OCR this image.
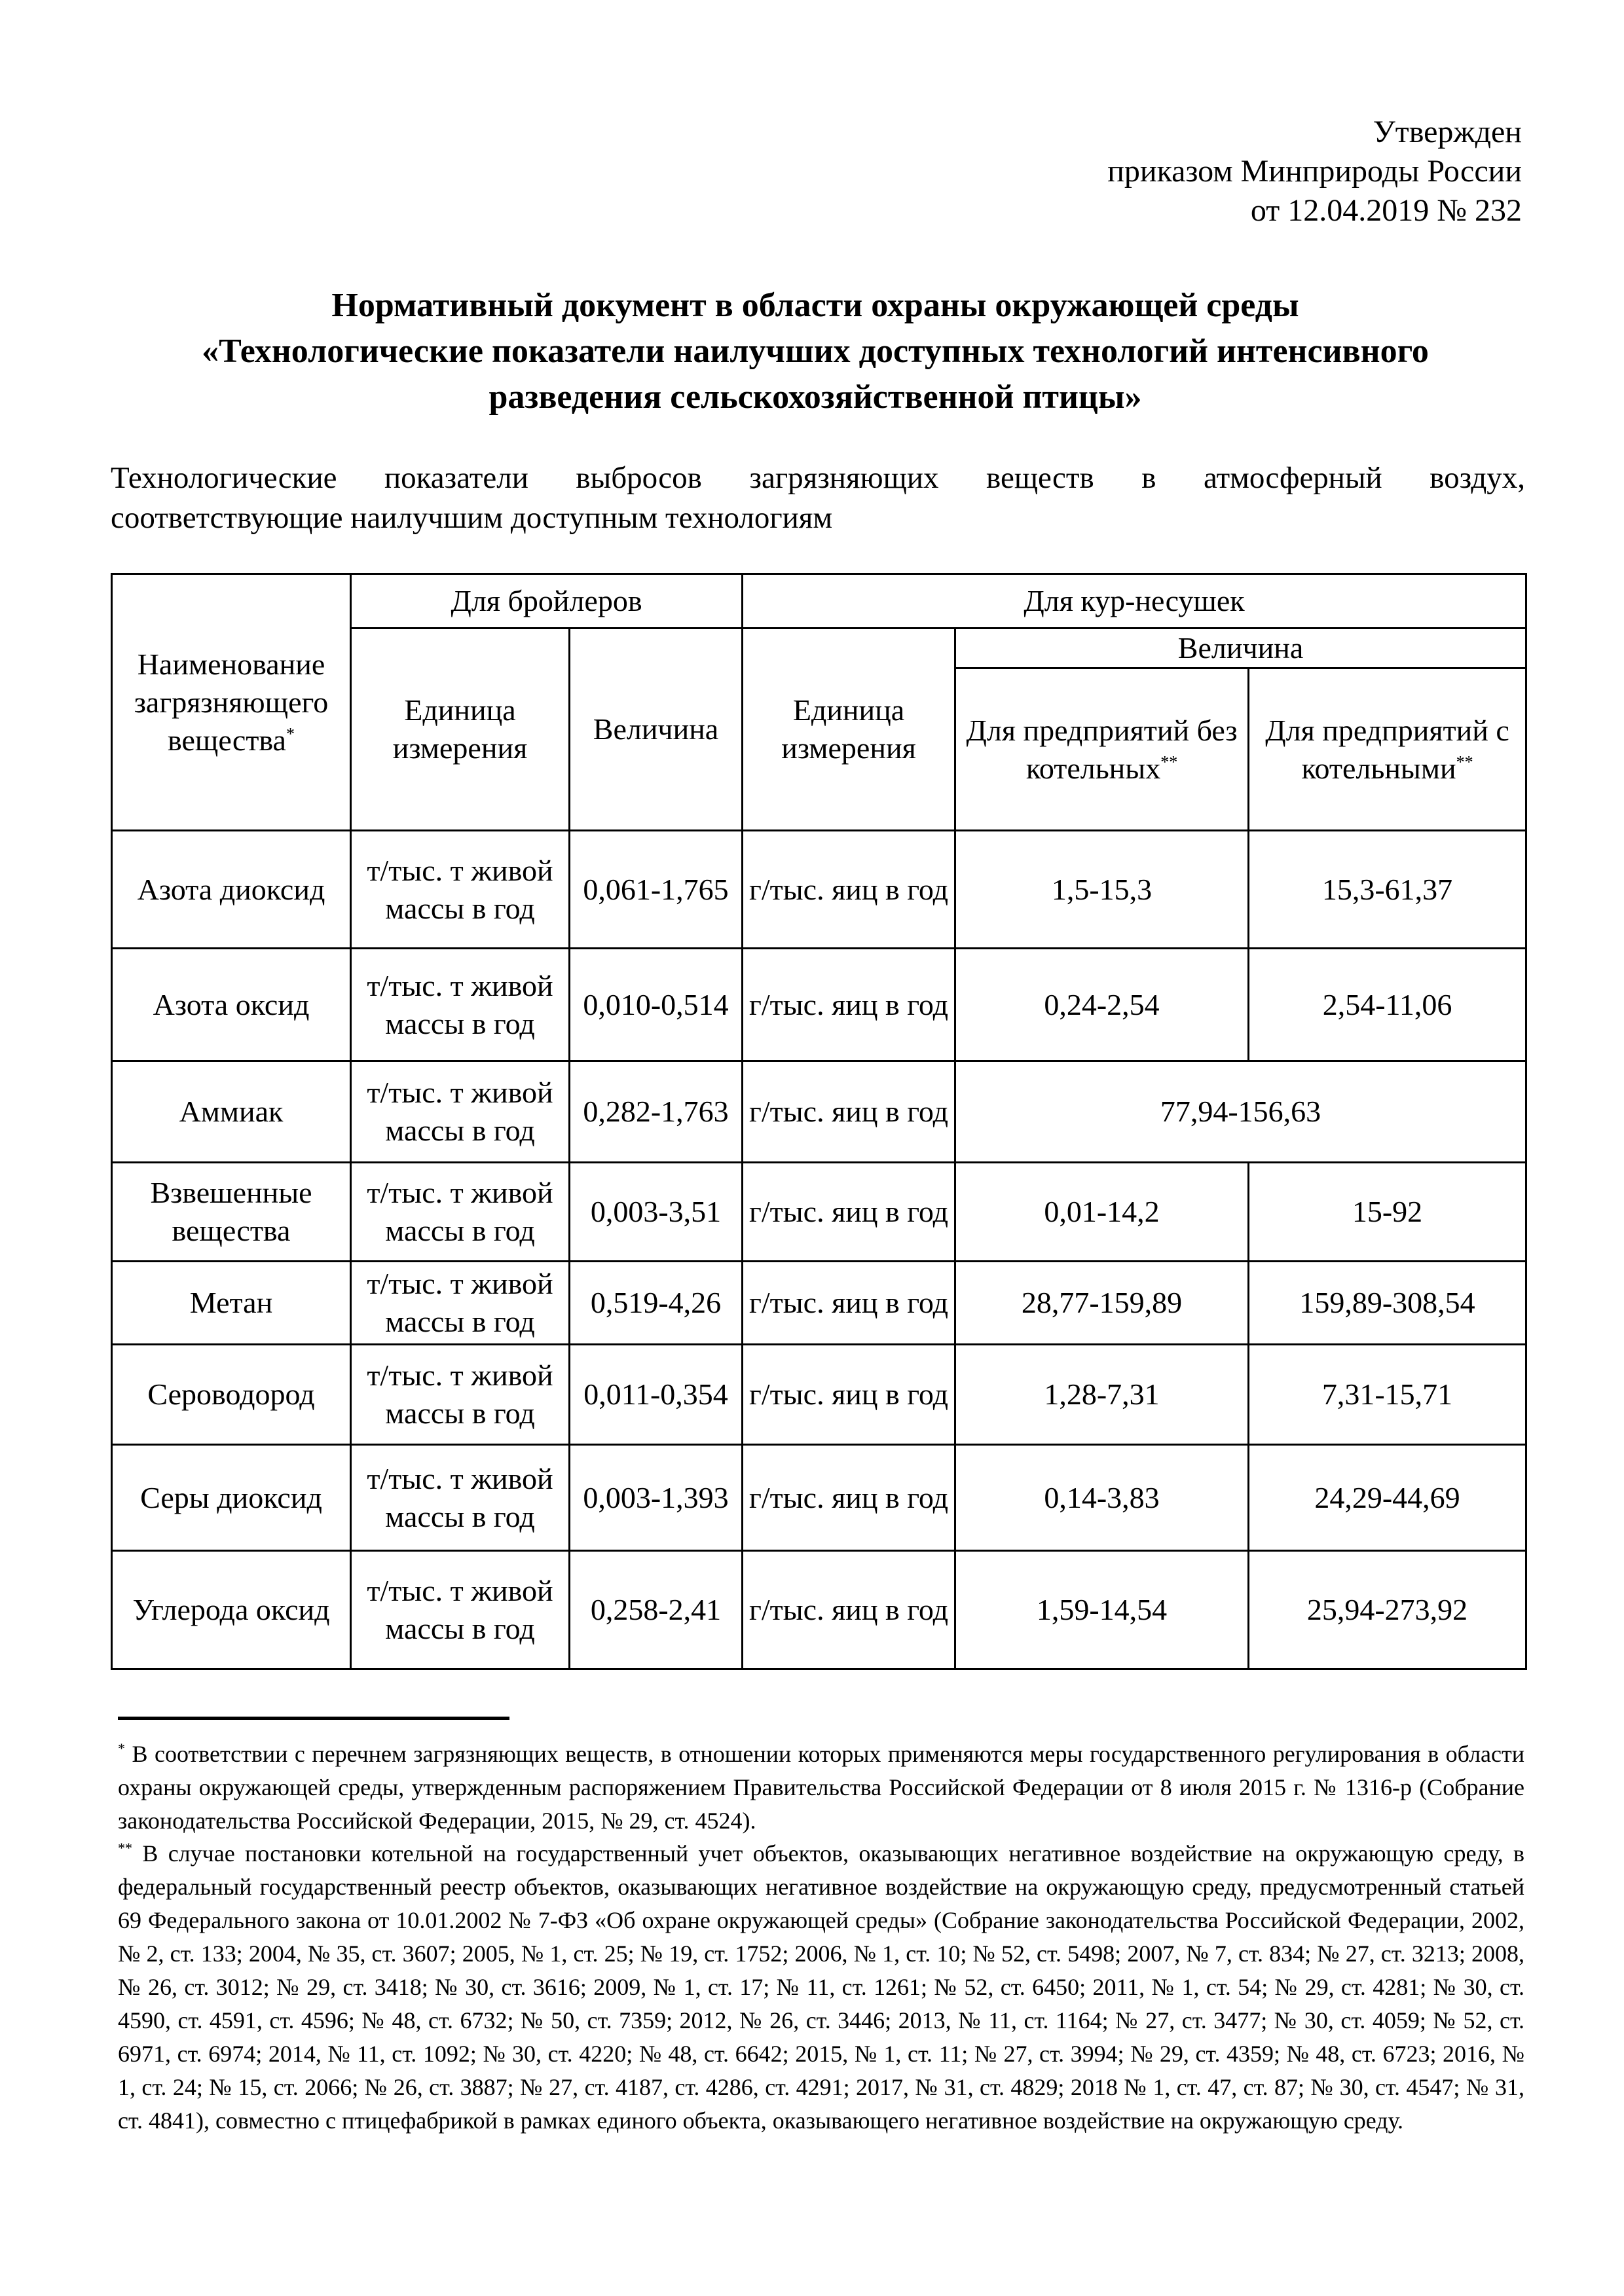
Утвержден
приказом Минприроды России
от 12.04.2019 № 232
Нормативный документ в области охраны окружающей среды
«Технологические показатели наилучших доступных технологий интенсивного
разведения сельскохозяйственной птицы»
Технологические показатели выбросов загрязняющих веществ в атмосферный воздух,
соответствующие наилучшим доступным технологиям
Наименование загрязняющего вещества*	Для бройлеров		Для кур-несушек		
	Единица измерения	Величина	Единица измерения	Величина	
				Для предприятий без котельных**	Для предприятий с котельными**
Азота диоксид	т/тыс. т живой массы в год	0,061-1,765	г/тыс. яиц в год	1,5-15,3	15,3-61,37
Азота оксид	т/тыс. т живой массы в год	0,010-0,514	г/тыс. яиц в год	0,24-2,54	2,54-11,06
Аммиак	т/тыс. т живой массы в год	0,282-1,763	г/тыс. яиц в год	77,94-156,63	
Взвешенные вещества	т/тыс. т живой массы в год	0,003-3,51	г/тыс. яиц в год	0,01-14,2	15-92
Метан	т/тыс. т живой массы в год	0,519-4,26	г/тыс. яиц в год	28,77-159,89	159,89-308,54
Сероводород	т/тыс. т живой массы в год	0,011-0,354	г/тыс. яиц в год	1,28-7,31	7,31-15,71
Серы диоксид	т/тыс. т живой массы в год	0,003-1,393	г/тыс. яиц в год	0,14-3,83	24,29-44,69
Углерода оксид	т/тыс. т живой массы в год	0,258-2,41	г/тыс. яиц в год	1,59-14,54	25,94-273,92
* В соответствии с перечнем загрязняющих веществ, в отношении которых применяются меры государственного регулирования в области охраны окружающей среды, утвержденным распоряжением Правительства Российской Федерации от 8 июля 2015 г. № 1316-р (Собрание законодательства Российской Федерации, 2015, № 29, ст. 4524).
** В случае постановки котельной на государственный учет объектов, оказывающих негативное воздействие на окружающую среду, в федеральный государственный реестр объектов, оказывающих негативное воздействие на окружающую среду, предусмотренный статьей 69 Федерального закона от 10.01.2002 № 7-ФЗ «Об охране окружающей среды» (Собрание законодательства Российской Федерации, 2002, № 2, ст. 133; 2004, № 35, ст. 3607; 2005, № 1, ст. 25; № 19, ст. 1752; 2006, № 1, ст. 10; № 52, ст. 5498; 2007, № 7, ст. 834; № 27, ст. 3213; 2008, № 26, ст. 3012; № 29, ст. 3418; № 30, ст. 3616; 2009, № 1, ст. 17; № 11, ст. 1261; № 52, ст. 6450; 2011, № 1, ст. 54; № 29, ст. 4281; № 30, ст. 4590, ст. 4591, ст. 4596; № 48, ст. 6732; № 50, ст. 7359; 2012, № 26, ст. 3446; 2013, № 11, ст. 1164; № 27, ст. 3477; № 30, ст. 4059; № 52, ст. 6971, ст. 6974; 2014, № 11, ст. 1092; № 30, ст. 4220; № 48, ст. 6642; 2015, № 1, ст. 11; № 27, ст. 3994; № 29, ст. 4359; № 48, ст. 6723; 2016, № 1, ст. 24; № 15, ст. 2066; № 26, ст. 3887; № 27, ст. 4187, ст. 4286, ст. 4291; 2017, № 31, ст. 4829; 2018 № 1, ст. 47, ст. 87; № 30, ст. 4547; № 31, ст. 4841), совместно с птицефабрикой в рамках единого объекта, оказывающего негативное воздействие на окружающую среду.
